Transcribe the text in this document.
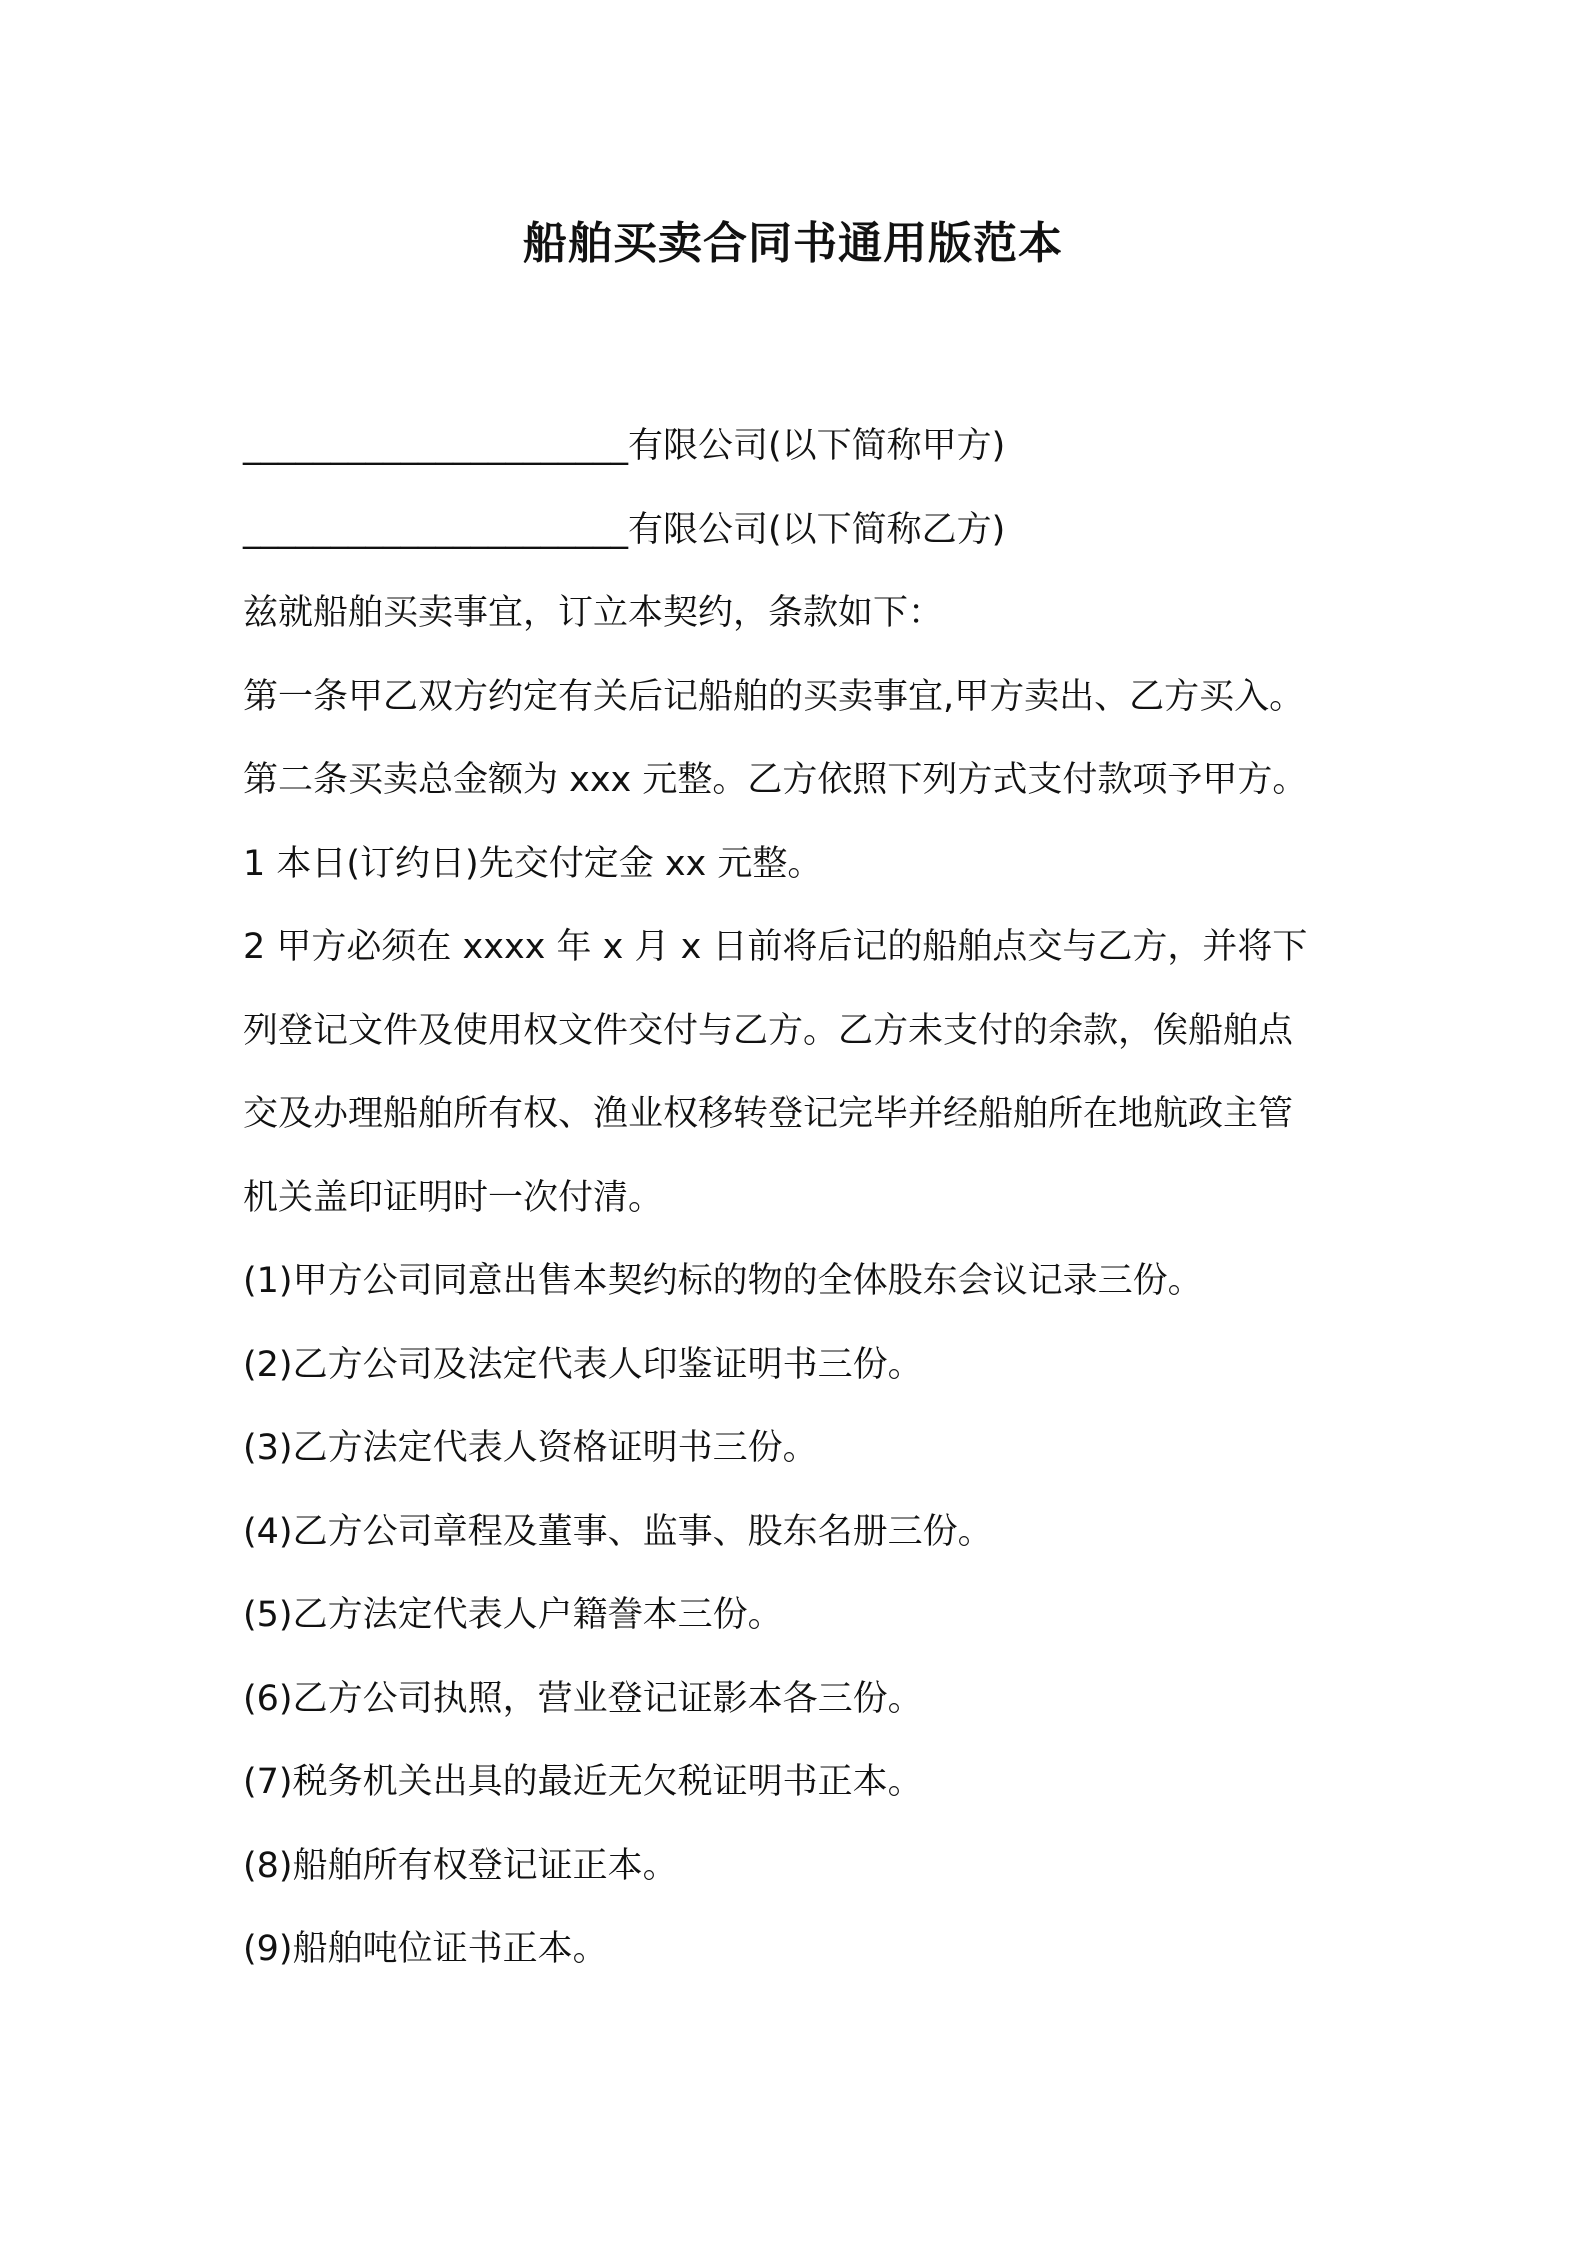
船舶买卖合同书通用版范本

______________________有限公司(以下简称甲方)

______________________有限公司(以下简称乙方)

兹就船舶买卖事宜，订立本契约，条款如下：

第一条甲乙双方约定有关后记船舶的买卖事宜,甲方卖出、乙方买入。

第二条买卖总金额为 xxx 元整。乙方依照下列方式支付款项予甲方。

1 本日(订约日)先交付定金 xx 元整。

2 甲方必须在 xxxx 年 x 月 x 日前将后记的船舶点交与乙方，并将下

列登记文件及使用权文件交付与乙方。乙方未支付的余款，俟船舶点

交及办理船舶所有权、渔业权移转登记完毕并经船舶所在地航政主管

机关盖印证明时一次付清。

(1)甲方公司同意出售本契约标的物的全体股东会议记录三份。

(2)乙方公司及法定代表人印鉴证明书三份。

(3)乙方法定代表人资格证明书三份。

(4)乙方公司章程及董事、监事、股东名册三份。

(5)乙方法定代表人户籍誊本三份。

(6)乙方公司执照，营业登记证影本各三份。

(7)税务机关出具的最近无欠税证明书正本。

(8)船舶所有权登记证正本。

(9)船舶吨位证书正本。
